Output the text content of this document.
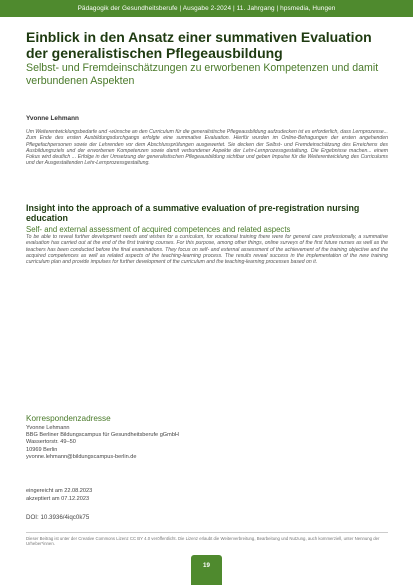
Pädagogik der Gesundheitsberufe | Ausgabe 2-2024 | 11. Jahrgang | hpsmedia, Hungen
Einblick in den Ansatz einer summativen Evaluation der generalistischen Pflegeausbildung
Selbst- und Fremdeinschätzungen zu erworbenen Kompetenzen und damit verbundenen Aspekten
Yvonne Lehmann

Um Weiterentwicklungsbedarfe und -wünsche an den Curriculum für die generalistische Pflegeausbildung aufzudecken ist es erforderlich, dass Lernprozesse... Zum Ende des ersten Ausbildungsdurchgangs erfolgte eine summative Evaluation. Hierfür wurden im Online-Befragungen der ersten angehenden Pflegefachpersonen sowie der Lehrenden vor dem Abschlussprüfungen ausgewertet. Sie decken der Selbst- und Fremdeinschätzung des Erreichens des Ausbildungsziels und der erworbenen Kompetenzen sowie damit verbundener Aspekte der Lehr-Lernprozessgestaltung. Die Ergebnisse machen... einem Fokus wird deutlich ... Erfolge in der Umsetzung der generalistischen Pflegeausbildung sichtbar und geben Impulse für die Weiterentwicklung des Curriculums und der Ausgestaltenden Lehr-Lernprozessgestaltung.

Insight into the approach of a summative evaluation of pre-registration nursing education
Self- and external assessment of acquired competences and related aspects

To be able to reveal further development needs and wishes for a curriculum, for vocational training there were for general care professionally, a summative evaluation has carried out at the end of the first training courses. For this purpose, among other things, online surveys of the first future nurses as well as the teachers has been conducted before the final examinations. They focus on self- and external assessment of the achievement of the training objective and the acquired competences as well as related aspects of the teaching-learning process. The results reveal success in the implementation of the new training curriculum plan and provide impulses for further development of the curriculum and the teaching-learning processes based on it.

Korrespondenzadresse
Yvonne Lehmann
BBG Berliner Bildungscampus für Gesundheitsberufe gGmbH
Wassertorstr. 49–50
10969 Berlin
yvonne.lehmann@bildungscampus-berlin.de
eingereicht am 22.08.2023
akzeptiert am 07.12.2023
DOI: 10.3936/4iqc0k75

Dieser Beitrag ist unter der Creative Commons Lizenz CC BY 4.0 veröffentlicht. Die Lizenz erlaubt die Weiterverbreitung, Bearbeitung und Nutzung, auch kommerziell, unter Nennung der Urheber*innen.

19
